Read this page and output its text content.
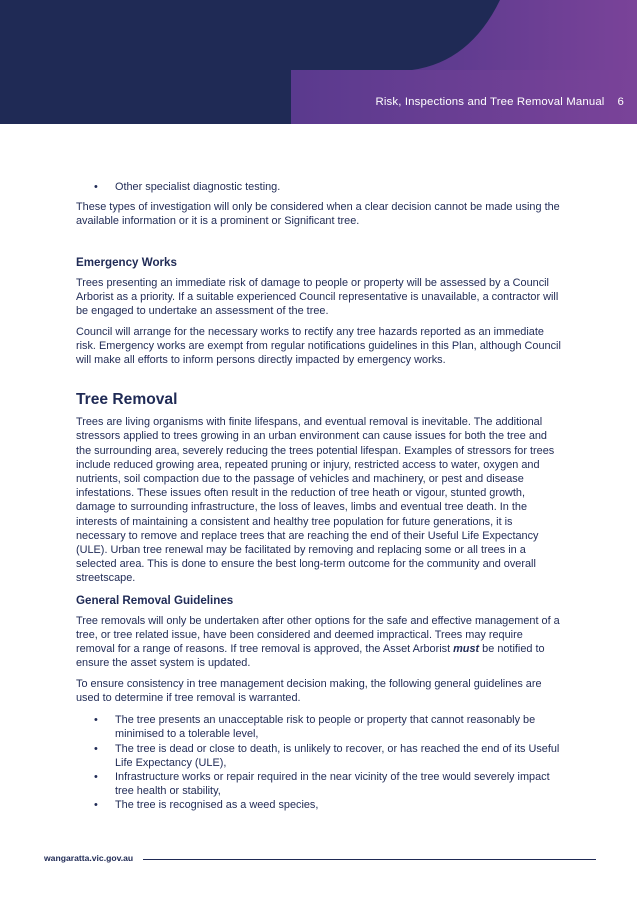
Risk, Inspections and Tree Removal Manual 6
• Other specialist diagnostic testing.

These types of investigation will only be considered when a clear decision cannot be made using the available information or it is a prominent or Significant tree.

Emergency Works

Trees presenting an immediate risk of damage to people or property will be assessed by a Council Arborist as a priority. If a suitable experienced Council representative is unavailable, a contractor will be engaged to undertake an assessment of the tree.

Council will arrange for the necessary works to rectify any tree hazards reported as an immediate risk. Emergency works are exempt from regular notifications guidelines in this Plan, although Council will make all efforts to inform persons directly impacted by emergency works.

Tree Removal

Trees are living organisms with finite lifespans, and eventual removal is inevitable. The additional stressors applied to trees growing in an urban environment can cause issues for both the tree and the surrounding area, severely reducing the trees potential lifespan. Examples of stressors for trees include reduced growing area, repeated pruning or injury, restricted access to water, oxygen and nutrients, soil compaction due to the passage of vehicles and machinery, or pest and disease infestations. These issues often result in the reduction of tree heath or vigour, stunted growth, damage to surrounding infrastructure, the loss of leaves, limbs and eventual tree death. In the interests of maintaining a consistent and healthy tree population for future generations, it is necessary to remove and replace trees that are reaching the end of their Useful Life Expectancy (ULE). Urban tree renewal may be facilitated by removing and replacing some or all trees in a selected area. This is done to ensure the best long-term outcome for the community and overall streetscape.

General Removal Guidelines

Tree removals will only be undertaken after other options for the safe and effective management of a tree, or tree related issue, have been considered and deemed impractical. Trees may require removal for a range of reasons. If tree removal is approved, the Asset Arborist must be notified to ensure the asset system is updated.

To ensure consistency in tree management decision making, the following general guidelines are used to determine if tree removal is warranted.

• The tree presents an unacceptable risk to people or property that cannot reasonably be minimised to a tolerable level,
• The tree is dead or close to death, is unlikely to recover, or has reached the end of its Useful Life Expectancy (ULE),
• Infrastructure works or repair required in the near vicinity of the tree would severely impact tree health or stability,
• The tree is recognised as a weed species,
wangaratta.vic.gov.au
